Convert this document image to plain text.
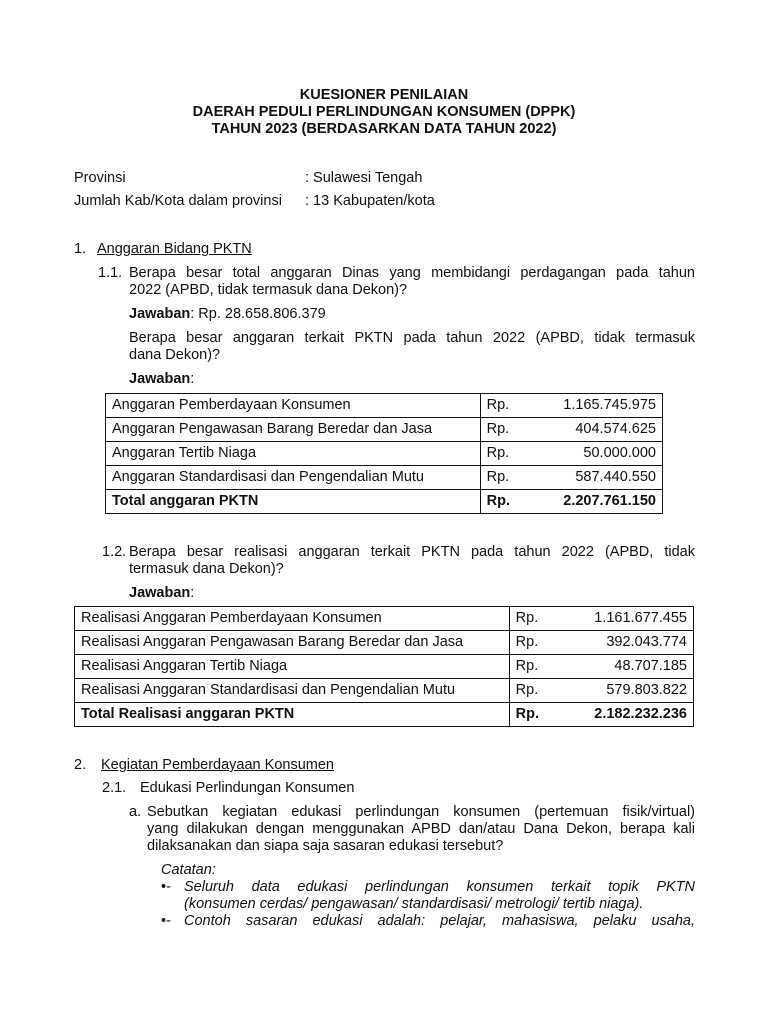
KUESIONER PENILAIAN
DAERAH PEDULI PERLINDUNGAN KONSUMEN (DPPK)
TAHUN 2023 (BERDASARKAN DATA TAHUN 2022)
Provinsi	: Sulawesi Tengah
Jumlah Kab/Kota dalam provinsi : 13 Kabupaten/kota
1. Anggaran Bidang PKTN
1.1. Berapa besar total anggaran Dinas yang membidangi perdagangan pada tahun
2022 (APBD, tidak termasuk dana Dekon)?
Jawaban: Rp. 28.658.806.379
Berapa besar anggaran terkait PKTN pada tahun 2022 (APBD, tidak termasuk
dana Dekon)?
Jawaban:
Anggaran Pemberdayaan Konsumen	Rp. 1.165.745.975

Anggaran Pengawasan Barang Beredar dan Jasa	Rp. 404.574.625

Anggaran Tertib Niaga	Rp. 50.000.000

Anggaran Standardisasi dan Pengendalian Mutu	Rp. 587.440.550

Total anggaran PKTN	Rp. 2.207.761.150
1.2. Berapa besar realisasi anggaran terkait PKTN pada tahun 2022 (APBD, tidak
termasuk dana Dekon)?
Jawaban:
Realisasi Anggaran Pemberdayaan Konsumen	Rp. 1.161.677.455

Realisasi Anggaran Pengawasan Barang Beredar dan Jasa	Rp. 392.043.774

Realisasi Anggaran Tertib Niaga	Rp. 48.707.185

Realisasi Anggaran Standardisasi dan Pengendalian Mutu	Rp. 579.803.822

Total Realisasi anggaran PKTN	Rp. 2.182.232.236
2. Kegiatan Pemberdayaan Konsumen
2.1. Edukasi Perlindungan Konsumen
a. Sebutkan kegiatan edukasi perlindungan konsumen (pertemuan fisik/virtual)
yang dilakukan dengan menggunakan APBD dan/atau Dana Dekon, berapa kali
dilaksanakan dan siapa saja sasaran edukasi tersebut?
Catatan:
•- Seluruh data edukasi perlindungan konsumen terkait topik PKTN
(konsumen cerdas/ pengawasan/ standardisasi/ metrologi/ tertib niaga).
•- Contoh sasaran edukasi adalah: pelajar, mahasiswa, pelaku usaha,
